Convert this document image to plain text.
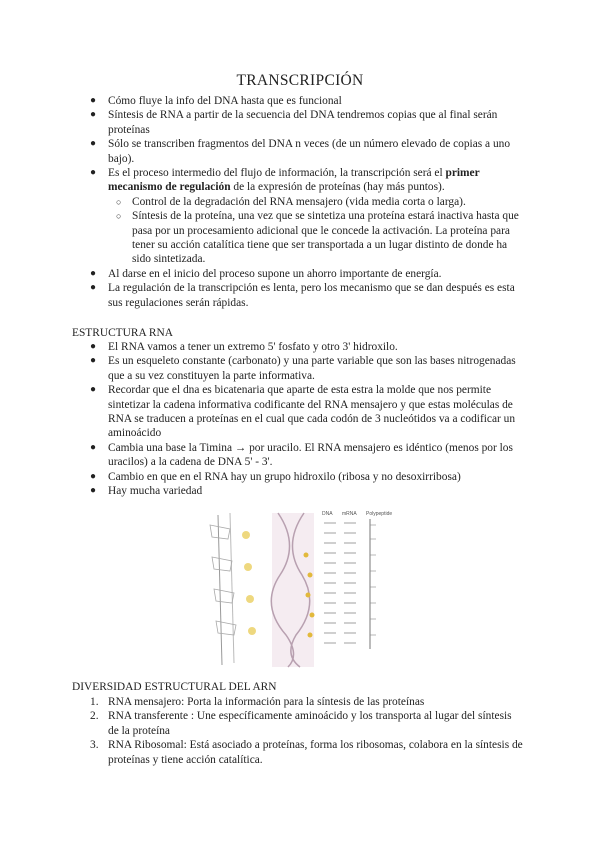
TRANSCRIPCIÓN
● Cómo fluye la info del DNA hasta que es funcional
● Síntesis de RNA a partir de la secuencia del DNA tendremos copias que al final serán proteínas
● Sólo se transcriben fragmentos del DNA n veces (de un número elevado de copias a uno bajo).
● Es el proceso intermedio del flujo de información, la transcripción será el primer mecanismo de regulación de la expresión de proteínas (hay más puntos).
○ Control de la degradación del RNA mensajero (vida media corta o larga).
○ Síntesis de la proteína, una vez que se sintetiza una proteína estará inactiva hasta que pasa por un procesamiento adicional que le concede la activación. La proteína para tener su acción catalítica tiene que ser transportada a un lugar distinto de donde ha sido sintetizada.
● Al darse en el inicio del proceso supone un ahorro importante de energía.
● La regulación de la transcripción es lenta, pero los mecanismo que se dan después es esta sus regulaciones serán rápidas.
ESTRUCTURA RNA
● El RNA vamos a tener un extremo 5' fosfato y otro 3' hidroxilo.
● Es un esqueleto constante (carbonato) y una parte variable que son las bases nitrogenadas que a su vez constituyen la parte informativa.
● Recordar que el dna es bicatenaria que aparte de esta estra la molde que nos permite sintetizar la cadena informativa codificante del RNA mensajero y que estas moléculas de RNA se traducen a proteínas en el cual que cada codón de 3 nucleótidos va a codificar un aminoácido
● Cambia una base la Timina → por uracilo. El RNA mensajero es idéntico (menos por los uracilos) a la cadena de DNA 5' - 3'.
● Cambio en que en el RNA hay un grupo hidroxilo (ribosa y no desoxirribosa)
● Hay mucha variedad
DNA mRNA Polypeptide
DIVERSIDAD ESTRUCTURAL DEL ARN
1. RNA mensajero: Porta la información para la síntesis de las proteínas
2. RNA transferente : Une específicamente aminoácido y los transporta al lugar del síntesis de la proteína
3. RNA Ribosomal: Está asociado a proteínas, forma los ribosomas, colabora en la síntesis de proteínas y tiene acción catalítica.
